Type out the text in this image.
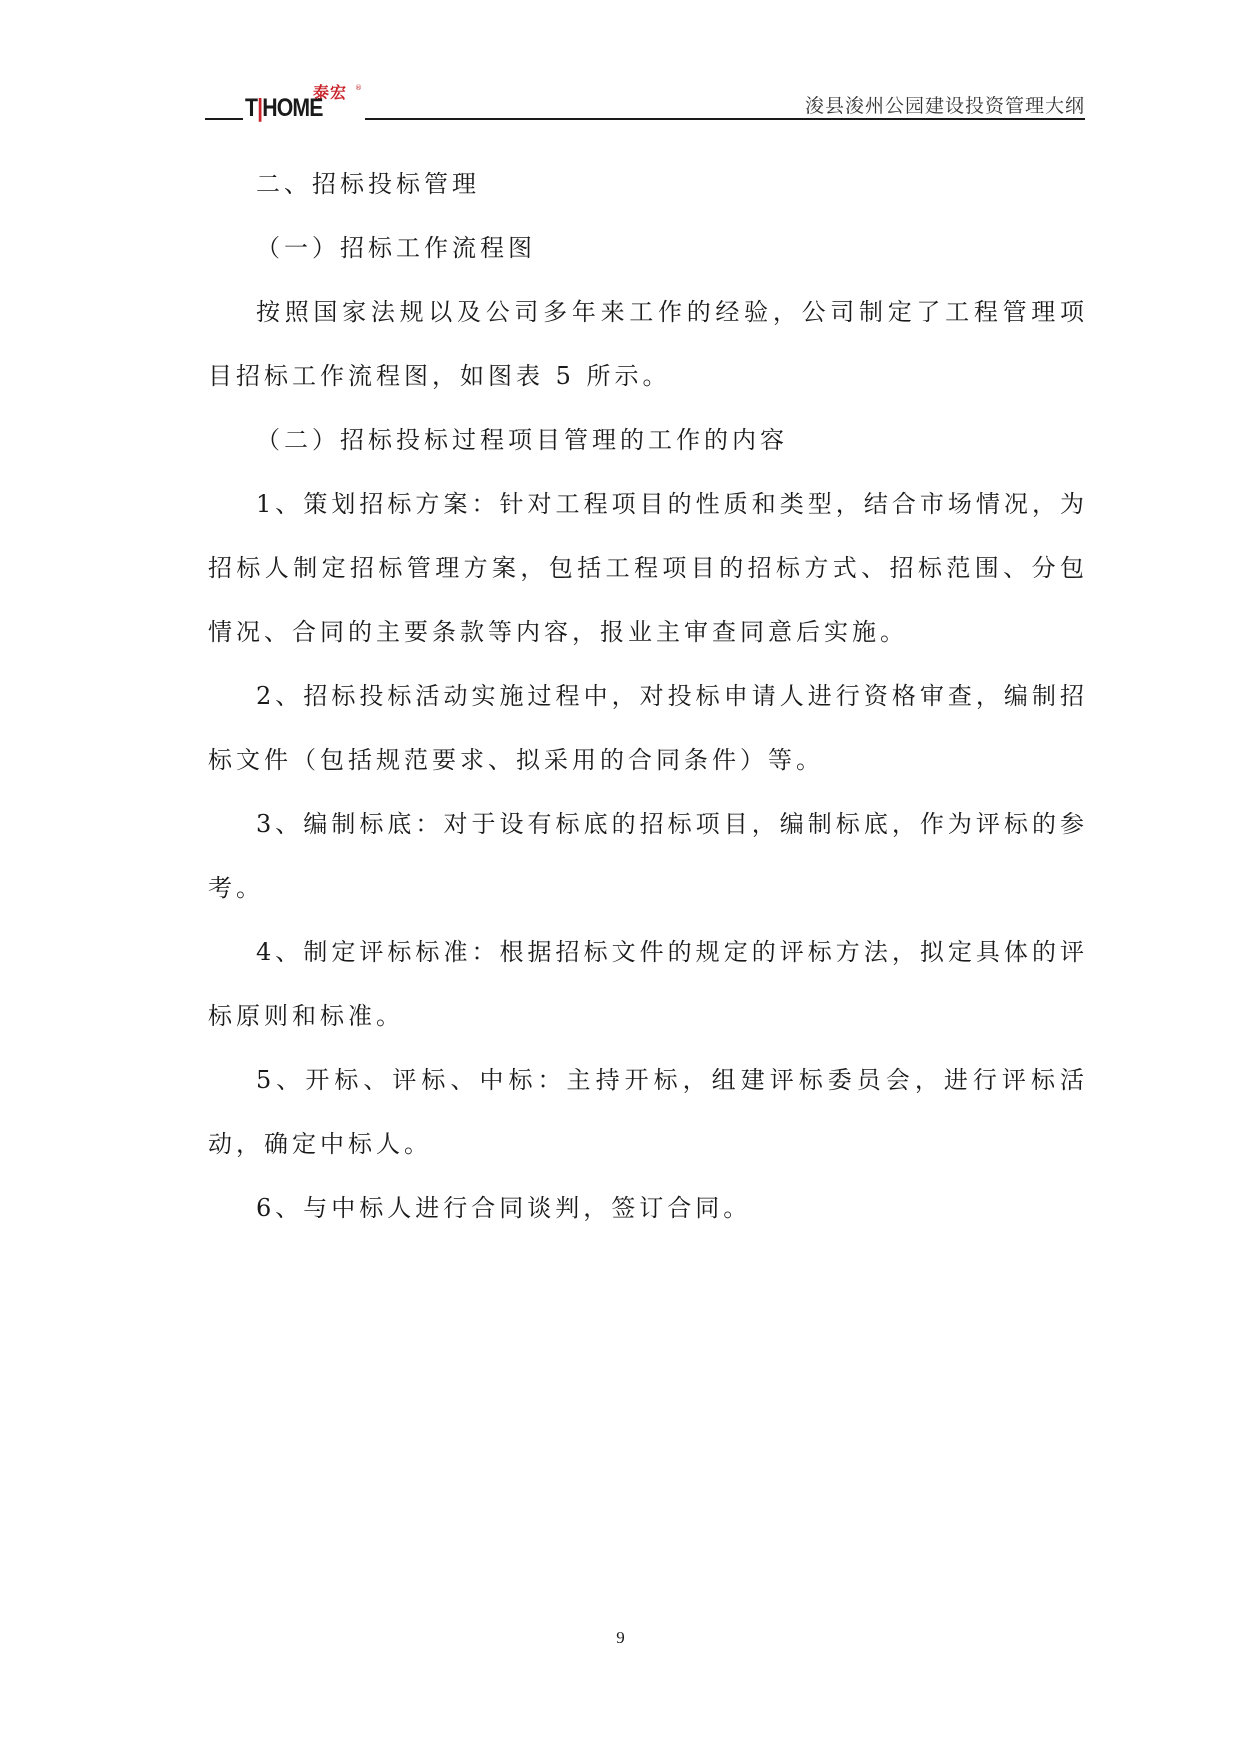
泰宏 ®
T|HOME	浚县浚州公园建设投资管理大纲

二、招标投标管理

（一）招标工作流程图

按照国家法规以及公司多年来工作的经验，公司制定了工程管理项目招标工作流程图，如图表 5 所示。

（二）招标投标过程项目管理的工作的内容

1、策划招标方案：针对工程项目的性质和类型，结合市场情况，为招标人制定招标管理方案，包括工程项目的招标方式、招标范围、分包情况、合同的主要条款等内容，报业主审查同意后实施。

2、招标投标活动实施过程中，对投标申请人进行资格审查，编制招标文件（包括规范要求、拟采用的合同条件）等。

3、编制标底：对于设有标底的招标项目，编制标底，作为评标的参考。

4、制定评标标准：根据招标文件的规定的评标方法，拟定具体的评标原则和标准。

5、开标、评标、中标：主持开标，组建评标委员会，进行评标活动，确定中标人。

6、与中标人进行合同谈判，签订合同。

9
